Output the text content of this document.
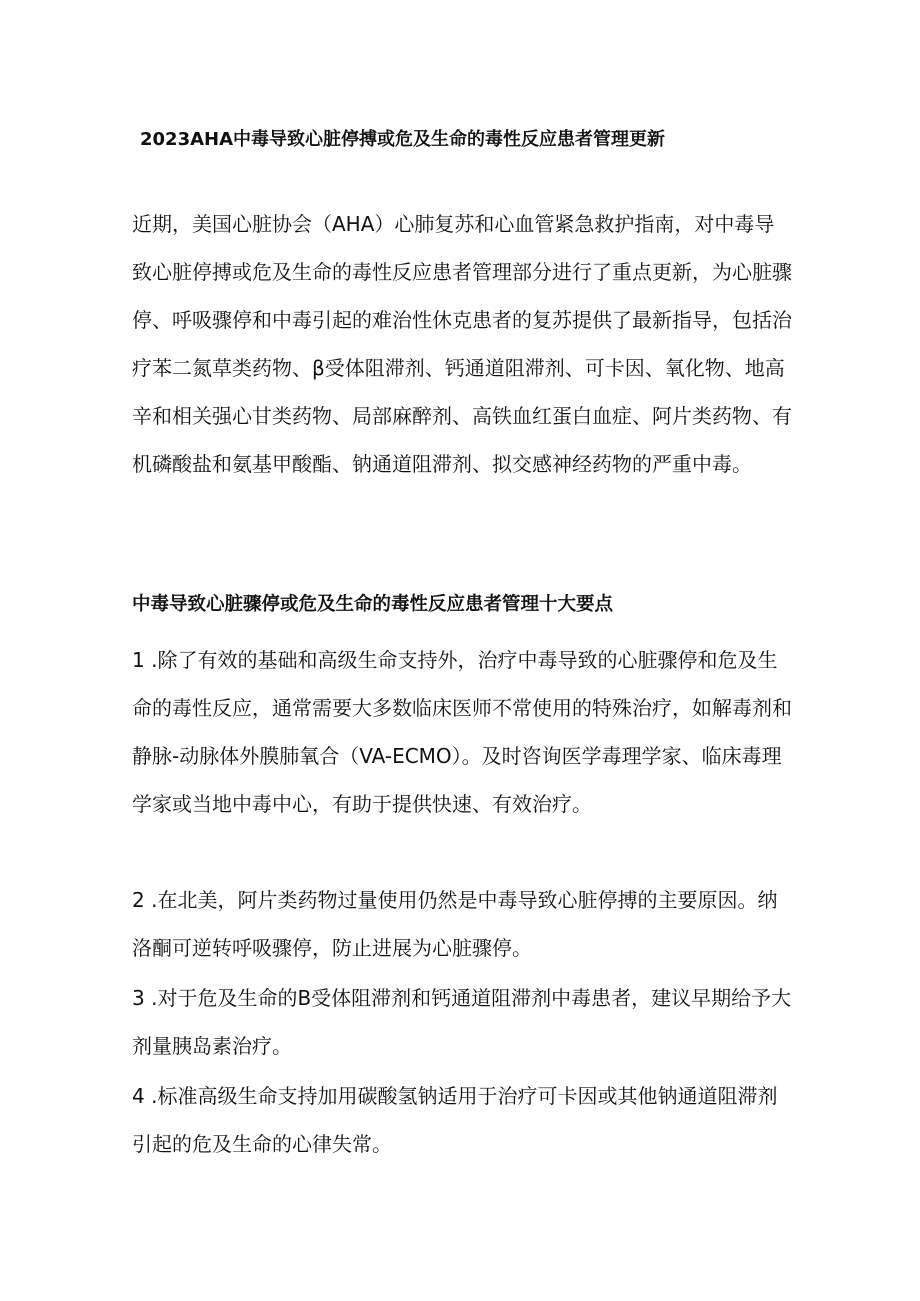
2023AHA中毒导致心脏停搏或危及生命的毒性反应患者管理更新

近期，美国心脏协会（AHA）心肺复苏和心血管紧急救护指南，对中毒导致心脏停搏或危及生命的毒性反应患者管理部分进行了重点更新，为心脏骤停、呼吸骤停和中毒引起的难治性休克患者的复苏提供了最新指导，包括治疗苯二氮草类药物、β受体阻滞剂、钙通道阻滞剂、可卡因、氧化物、地高辛和相关强心甘类药物、局部麻醉剂、高铁血红蛋白血症、阿片类药物、有机磷酸盐和氨基甲酸酯、钠通道阻滞剂、拟交感神经药物的严重中毒。

中毒导致心脏骤停或危及生命的毒性反应患者管理十大要点

1 .除了有效的基础和高级生命支持外，治疗中毒导致的心脏骤停和危及生命的毒性反应，通常需要大多数临床医师不常使用的特殊治疗，如解毒剂和静脉-动脉体外膜肺氧合（VA-ECMO）。及时咨询医学毒理学家、临床毒理学家或当地中毒中心，有助于提供快速、有效治疗。

2 .在北美，阿片类药物过量使用仍然是中毒导致心脏停搏的主要原因。纳洛酮可逆转呼吸骤停，防止进展为心脏骤停。

3 .对于危及生命的B受体阻滞剂和钙通道阻滞剂中毒患者，建议早期给予大剂量胰岛素治疗。

4 .标准高级生命支持加用碳酸氢钠适用于治疗可卡因或其他钠通道阻滞剂引起的危及生命的心律失常。
